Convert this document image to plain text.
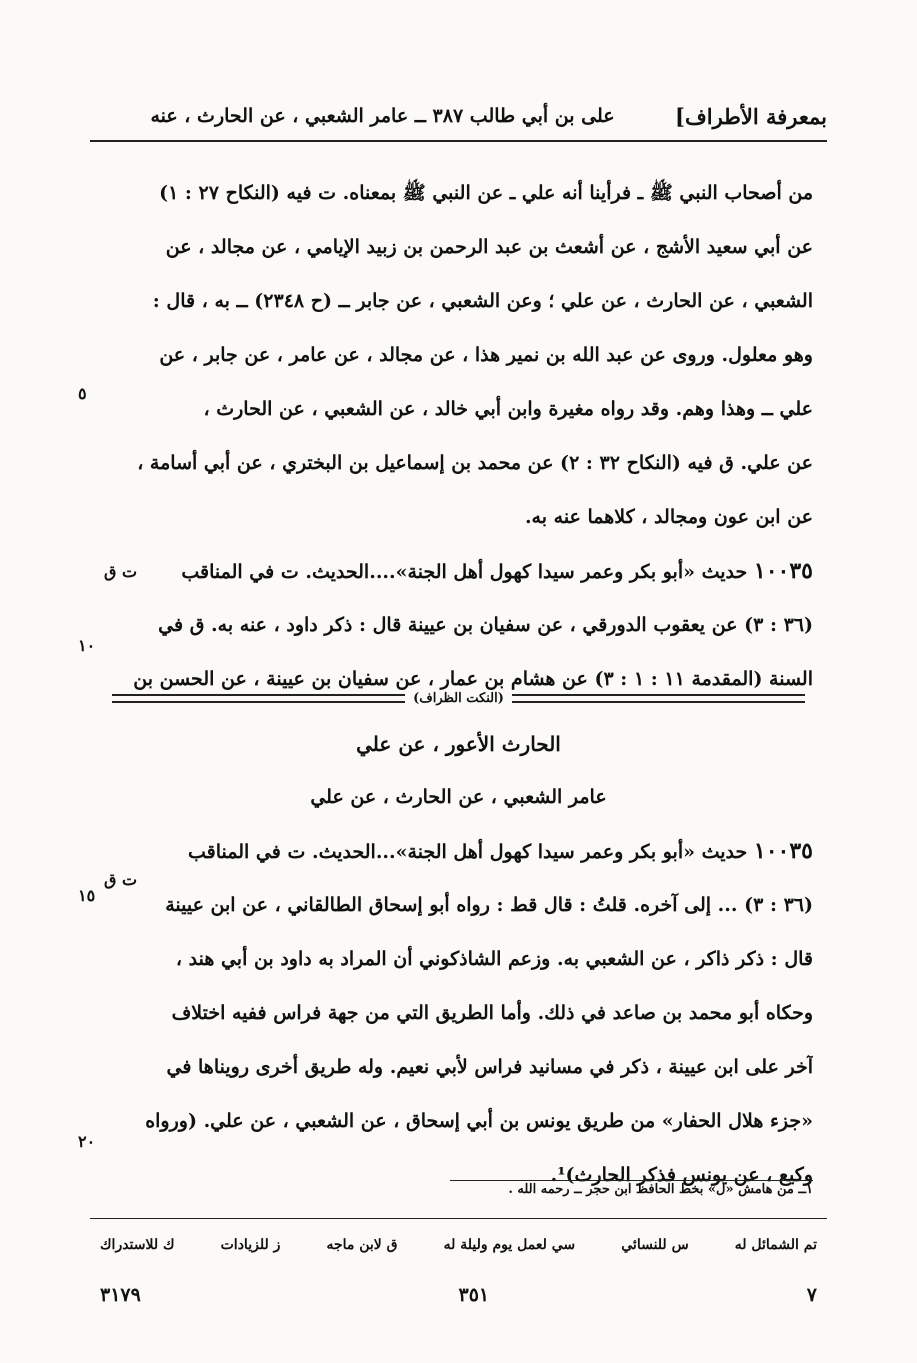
بمعرفة الأطراف]
على بن أبي طالب ٣٨٧ ــ عامر الشعبي ، عن الحارث ، عنه
من أصحاب النبي ﷺ ـ فرأينا أنه علي ـ عن النبي ﷺ بمعناه. ت فيه (النكاح ٢٧ : ١)
عن أبي سعيد الأشج ، عن أشعث بن عبد الرحمن بن زبيد الإيامي ، عن مجالد ، عن
الشعبي ، عن الحارث ، عن علي ؛ وعن الشعبي ، عن جابر ــ (ح ٢٣٤٨) ــ به ، قال :
وهو معلول. وروى عن عبد الله بن نمير هذا ، عن مجالد ، عن عامر ، عن جابر ، عن
علي ــ وهذا وهم. وقد رواه مغيرة وابن أبي خالد ، عن الشعبي ، عن الحارث ،
عن علي. ق فيه (النكاح ٣٢ : ٢) عن محمد بن إسماعيل بن البختري ، عن أبي أسامة ،
عن ابن عون ومجالد ، كلاهما عنه به.
١٠٠٣٥ حديث «أبو بكر وعمر سيدا كهول أهل الجنة»....الحديث. ت في المناقب
(٣٦ : ٣) عن يعقوب الدورقي ، عن سفيان بن عيينة قال : ذكر داود ، عنه به. ق في
السنة (المقدمة ١١ : ١ : ٣) عن هشام بن عمار ، عن سفيان بن عيينة ، عن الحسن بن
ت ق
٥
١٠
١٥
٢٠
(النكت الظراف)
الحارث الأعور ، عن علي
عامر الشعبي ، عن الحارث ، عن علي
١٠٠٣٥ حديث «أبو بكر وعمر سيدا كهول أهل الجنة»...الحديث. ت في المناقب
(٣٦ : ٣) ... إلى آخره. قلتُ : قال قط : رواه أبو إسحاق الطالقاني ، عن ابن عيينة
قال : ذكر ذاكر ، عن الشعبي به. وزعم الشاذكوني أن المراد به داود بن أبي هند ،
وحكاه أبو محمد بن صاعد في ذلك. وأما الطريق التي من جهة فراس ففيه اختلاف
آخر على ابن عيينة ، ذكر في مسانيد فراس لأبي نعيم. وله طريق أخرى رويناها في
«جزء هلال الحفار» من طريق يونس بن أبي إسحاق ، عن الشعبي ، عن علي. (ورواه
وكيع ، عن يونس فذكر الحارث)¹.
ت ق
١ــ من هامش «ل» بخط الحافظ ابن حجر ــ رحمه الله .
تم الشمائل له
س للنسائي
سي لعمل يوم وليلة له
ق لابن ماجه
ز للزيادات
ك للاستدراك
٧
٣٥١
٣١٧٩
